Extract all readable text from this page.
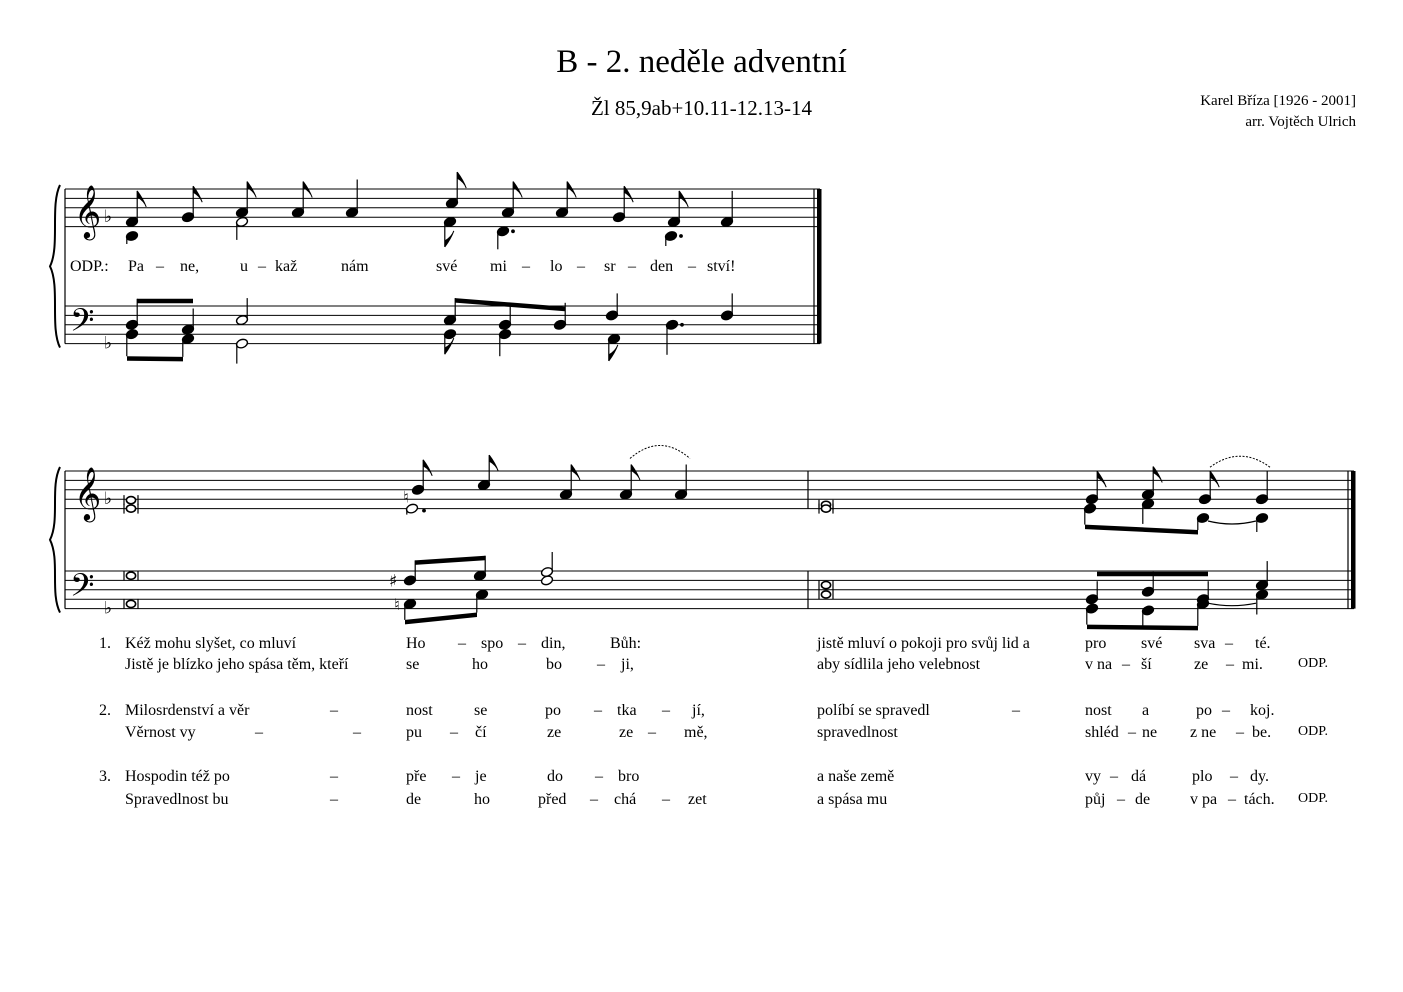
B - 2. neděle adventní
Žl 85,9ab+10.11-12.13-14	Karel Bříza [1926 - 2001]
arr. Vojtěch Ulrich
𝄞
𝄢
♭
♭
𝄞
𝄢
♭
♭
♮
♯
♮
ODP.: Pa – ne,	u – kaž	nám	své mi – lo – sr – den – ství!
1. Kéž mohu slyšet, co mluví	Ho – spo – din,	Bůh:	jistě mluví o pokoji pro svůj lid a	pro své sva – té.
Jistě je blízko jeho spása těm, kteří	se	ho	bo – ji,	aby sídlila jeho velebnost	v na – ší	ze – mi.	ODP.
2. Milosrdenství a věr	–	nost	se	po – tka – jí,	políbí se spravedl	–	nost a	po – koj.
Věrnost vy	–	–	pu – čí	ze	ze – mě,	spravedlnost	shléd – ne z ne – be. ODP.
3. Hospodin též po	–	pře – je	do – bro	a naše země	vy – dá	plo – dy.
Spravedlnost bu	–	de	ho	před – chá – zet	a spása mu	půj – de v pa – tách. ODP.
